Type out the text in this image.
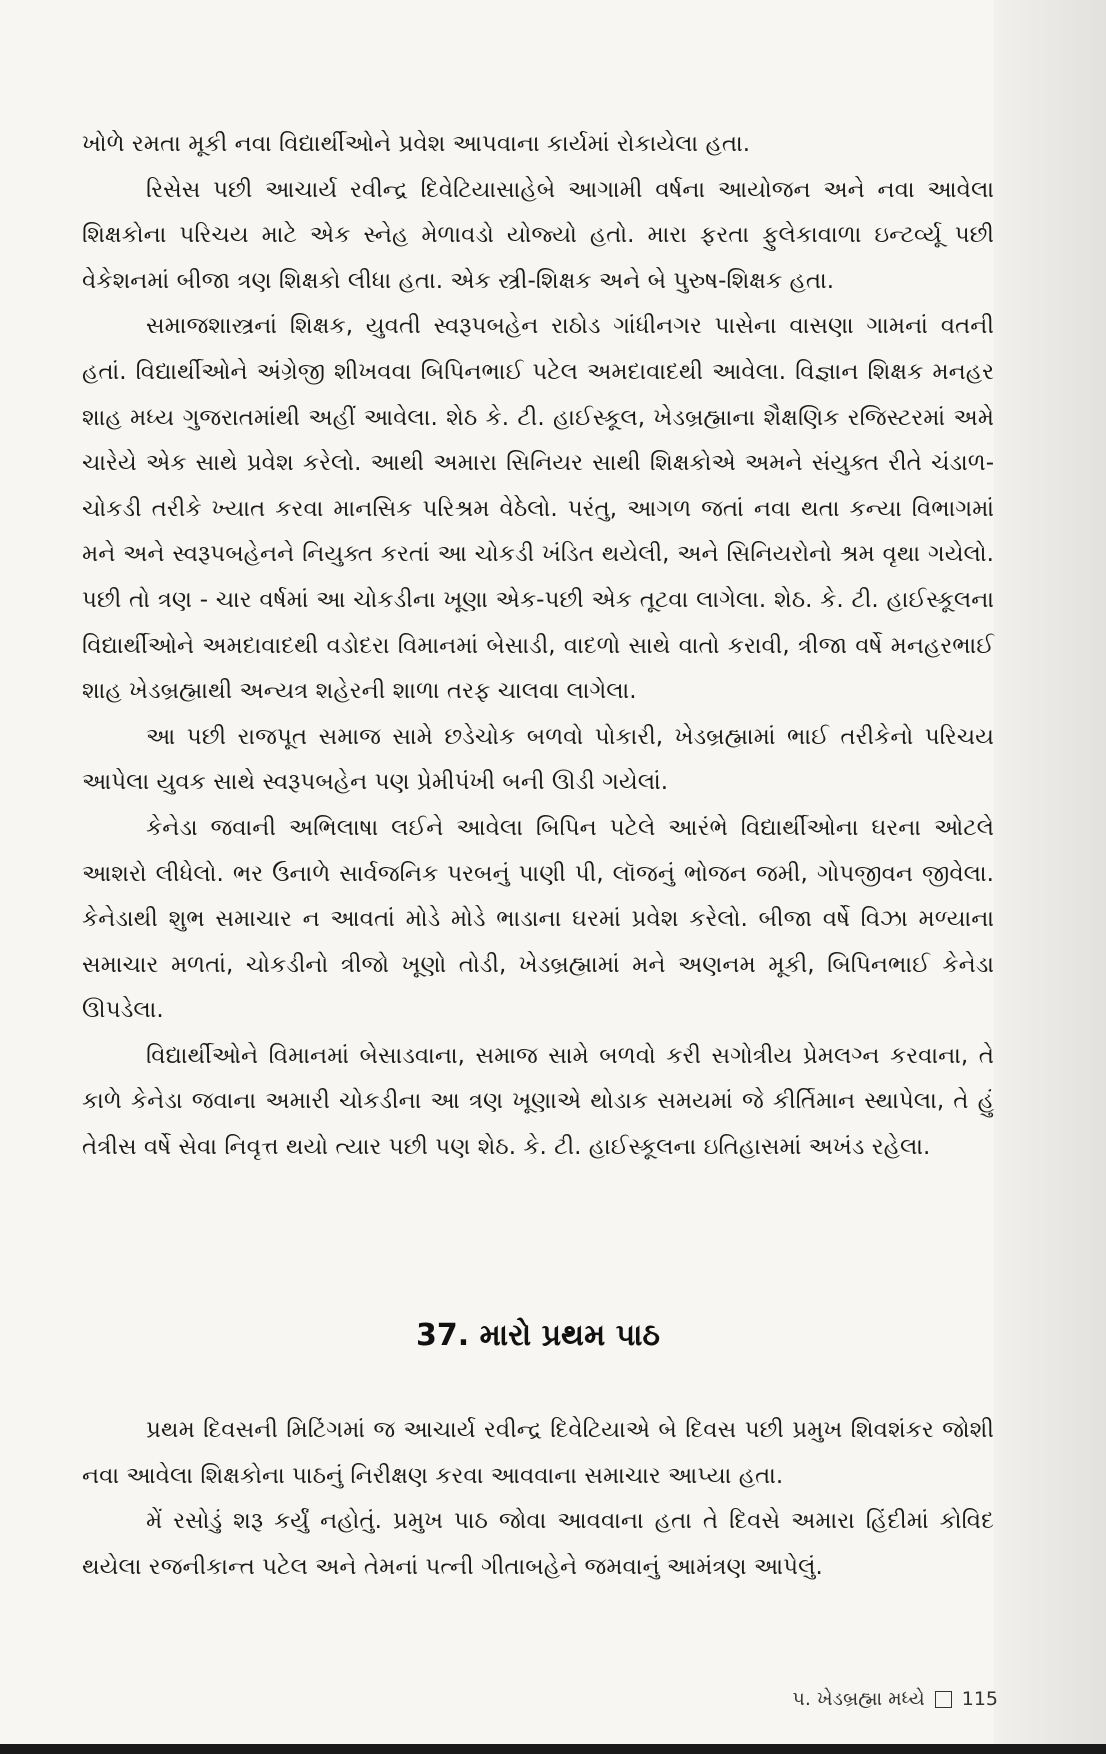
ખોળે રમતા મૂકી નવા વિદ્યાર્થીઓને પ્રવેશ આપવાના કાર્યમાં રોકાયેલા હતા.

રિસેસ પછી આચાર્ય રવીન્દ્ર દિવેટિયાસાહેબે આગામી વર્ષના આયોજન અને નવા આવેલા શિક્ષકોના પરિચય માટે એક સ્નેહ મેળાવડો યોજ્યો હતો. મારા ફરતા ફુલેકાવાળા ઇન્ટર્વ્યૂ પછી વેકેશનમાં બીજા ત્રણ શિક્ષકો લીધા હતા. એક સ્ત્રી-શિક્ષક અને બે પુરુષ-શિક્ષક હતા.

સમાજશાસ્ત્રનાં શિક્ષક, યુવતી સ્વરૂપબહેન રાઠોડ ગાંધીનગર પાસેના વાસણા ગામનાં વતની હતાં. વિદ્યાર્થીઓને અંગ્રેજી શીખવવા બિપિનભાઈ પટેલ અમદાવાદથી આવેલા. વિજ્ઞાન શિક્ષક મનહર શાહ મધ્ય ગુજરાતમાંથી અહીં આવેલા. શેઠ કે. ટી. હાઈસ્કૂલ, ખેડબ્રહ્માના શૈક્ષણિક રજિસ્ટરમાં અમે ચારેયે એક સાથે પ્રવેશ કરેલો. આથી અમારા સિનિયર સાથી શિક્ષકોએ અમને સંયુક્ત રીતે ચંડાળ-ચોકડી તરીકે ખ્યાત કરવા માનસિક પરિશ્રમ વેઠેલો. પરંતુ, આગળ જતાં નવા થતા કન્યા વિભાગમાં મને અને સ્વરૂપબહેનને નિયુક્ત કરતાં આ ચોકડી ખંડિત થયેલી, અને સિનિયરોનો શ્રમ વૃથા ગયેલો. પછી તો ત્રણ - ચાર વર્ષમાં આ ચોકડીના ખૂણા એક-પછી એક તૂટવા લાગેલા. શેઠ. કે. ટી. હાઈસ્કૂલના વિદ્યાર્થીઓને અમદાવાદથી વડોદરા વિમાનમાં બેસાડી, વાદળો સાથે વાતો કરાવી, ત્રીજા વર્ષે મનહરભાઈ શાહ ખેડબ્રહ્માથી અન્યત્ર શહેરની શાળા તરફ ચાલવા લાગેલા.

આ પછી રાજપૂત સમાજ સામે છડેચોક બળવો પોકારી, ખેડબ્રહ્મામાં ભાઈ તરીકેનો પરિચય આપેલા યુવક સાથે સ્વરૂપબહેન પણ પ્રેમીપંખી બની ઊડી ગયેલાં.

કેનેડા જવાની અભિલાષા લઈને આવેલા બિપિન પટેલે આરંભે વિદ્યાર્થીઓના ઘરના ઓટલે આશરો લીધેલો. ભર ઉનાળે સાર્વજનિક પરબનું પાણી પી, લૉજનું ભોજન જમી, ગોપજીવન જીવેલા. કેનેડાથી શુભ સમાચાર ન આવતાં મોડે મોડે ભાડાના ઘરમાં પ્રવેશ કરેલો. બીજા વર્ષે વિઝા મળ્યાના સમાચાર મળતાં, ચોકડીનો ત્રીજો ખૂણો તોડી, ખેડબ્રહ્મામાં મને અણનમ મૂકી, બિપિનભાઈ કેનેડા ઊપડેલા.

વિદ્યાર્થીઓને વિમાનમાં બેસાડવાના, સમાજ સામે બળવો કરી સગોત્રીય પ્રેમલગ્ન કરવાના, તે કાળે કેનેડા જવાના અમારી ચોકડીના આ ત્રણ ખૂણાએ થોડાક સમયમાં જે કીર્તિમાન સ્થાપેલા, તે હું તેત્રીસ વર્ષે સેવા નિવૃત્ત થયો ત્યાર પછી પણ શેઠ. કે. ટી. હાઈસ્કૂલના ઇતિહાસમાં અખંડ રહેલા.

37. મારો પ્રથમ પાઠ

પ્રથમ દિવસની મિટિંગમાં જ આચાર્ય રવીન્દ્ર દિવેટિયાએ બે દિવસ પછી પ્રમુખ શિવશંકર જોશી નવા આવેલા શિક્ષકોના પાઠનું નિરીક્ષણ કરવા આવવાના સમાચાર આપ્યા હતા.

મેં રસોડું શરૂ કર્યું નહોતું. પ્રમુખ પાઠ જોવા આવવાના હતા તે દિવસે અમારા હિંદીમાં કોવિદ થયેલા રજનીકાન્ત પટેલ અને તેમનાં પત્ની ગીતાબહેને જમવાનું આમંત્રણ આપેલું.

પ. ખેડબ્રહ્મા મધ્યે 115
